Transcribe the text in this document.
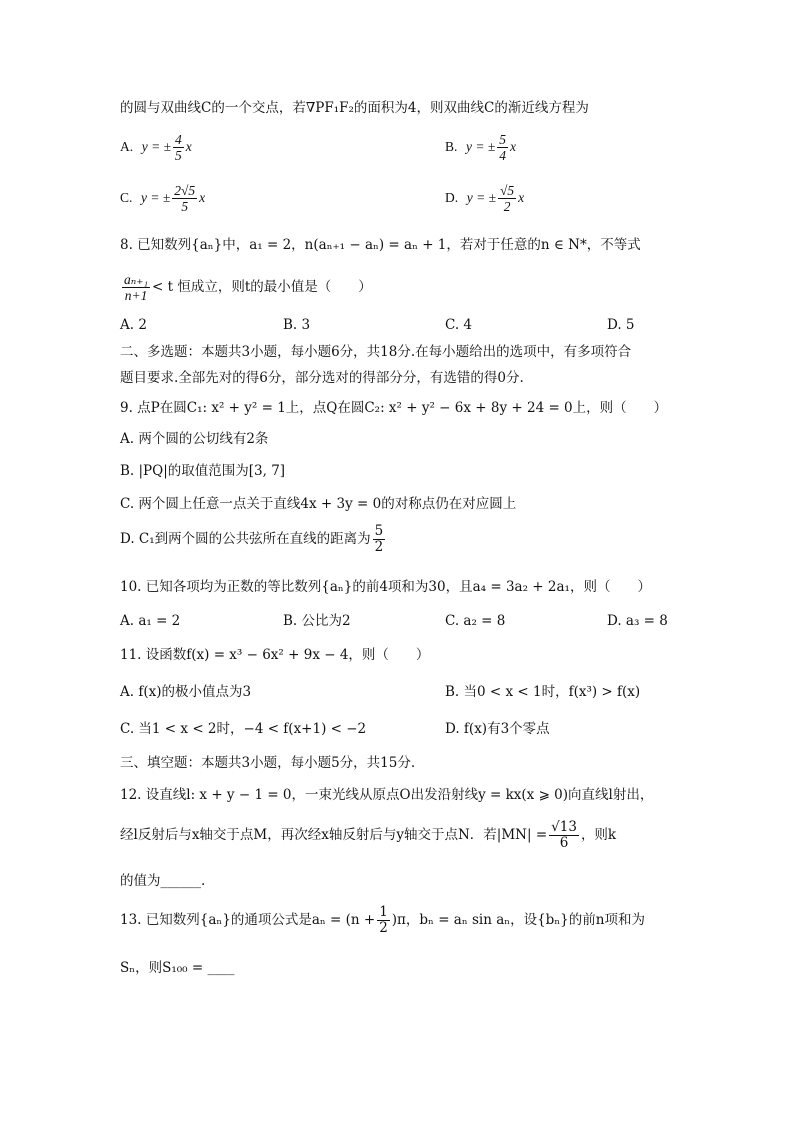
的圆与双曲线C的一个交点，若∇PF₁F₂的面积为4，则双曲线C的渐近线方程为
A. y = ± $\frac{4}{5}$ x	B. y = ± $\frac{5}{4}$ x
C. y = ± $\frac{2√5}{5}$ x	D. y = ± $\frac{√5}{2}$ x
8. 已知数列{aₙ}中，a₁ = 2，n(aₙ₊₁ − aₙ) = aₙ + 1，若对于任意的n ∈ N*，不等式
$\frac{\text{aₙ₊₁}}{n+1} < t$ 恒成立，则t的最小值是（　　）
A. 2	B. 3	C. 4	D. 5
二、多选题：本题共3小题，每小题6分，共18分.在每小题给出的选项中，有多项符合
题目要求.全部先对的得6分，部分选对的得部分分，有选错的得0分.
9. 点P在圆C₁: x² + y² = 1上，点Q在圆C₂: x² + y² − 6x + 8y + 24 = 0上，则（　　）
A. 两个圆的公切线有2条
B. |PQ|的取值范围为[3, 7]
C. 两个圆上任意一点关于直线4x + 3y = 0的对称点仍在对应圆上
D. C₁到两个圆的公共弦所在直线的距离为 $\frac{5}{2}$
10. 已知各项均为正数的等比数列{aₙ}的前4项和为30，且a₄ = 3a₂ + 2a₁，则（　　）
A. a₁ = 2	B. 公比为2	C. a₂ = 8	D. a₃ = 8
11. 设函数f(x) = x³ − 6x² + 9x − 4，则（　　）
A. f(x)的极小值点为3	B. 当0 < x < 1时，f(x³) > f(x)
C. 当1 < x < 2时，−4 < f(x+1) < −2	D. f(x)有3个零点
三、填空题：本题共3小题，每小题5分，共15分.
12. 设直线l: x + y − 1 = 0，一束光线从原点O出发沿射线y = kx(x ⩾ 0)向直线l射出，
经l反射后与x轴交于点M，再次经x轴反射后与y轴交于点N．若$|MN| = \frac{√13}{6}$ ，则k
的值为______.
13. 已知数列{aₙ}的通项公式是$a_n = (n + \frac{1}{2} )\pi$，bₙ = aₙ sin aₙ，设{bₙ}的前n项和为
Sₙ，则S₁₀₀ = ____
